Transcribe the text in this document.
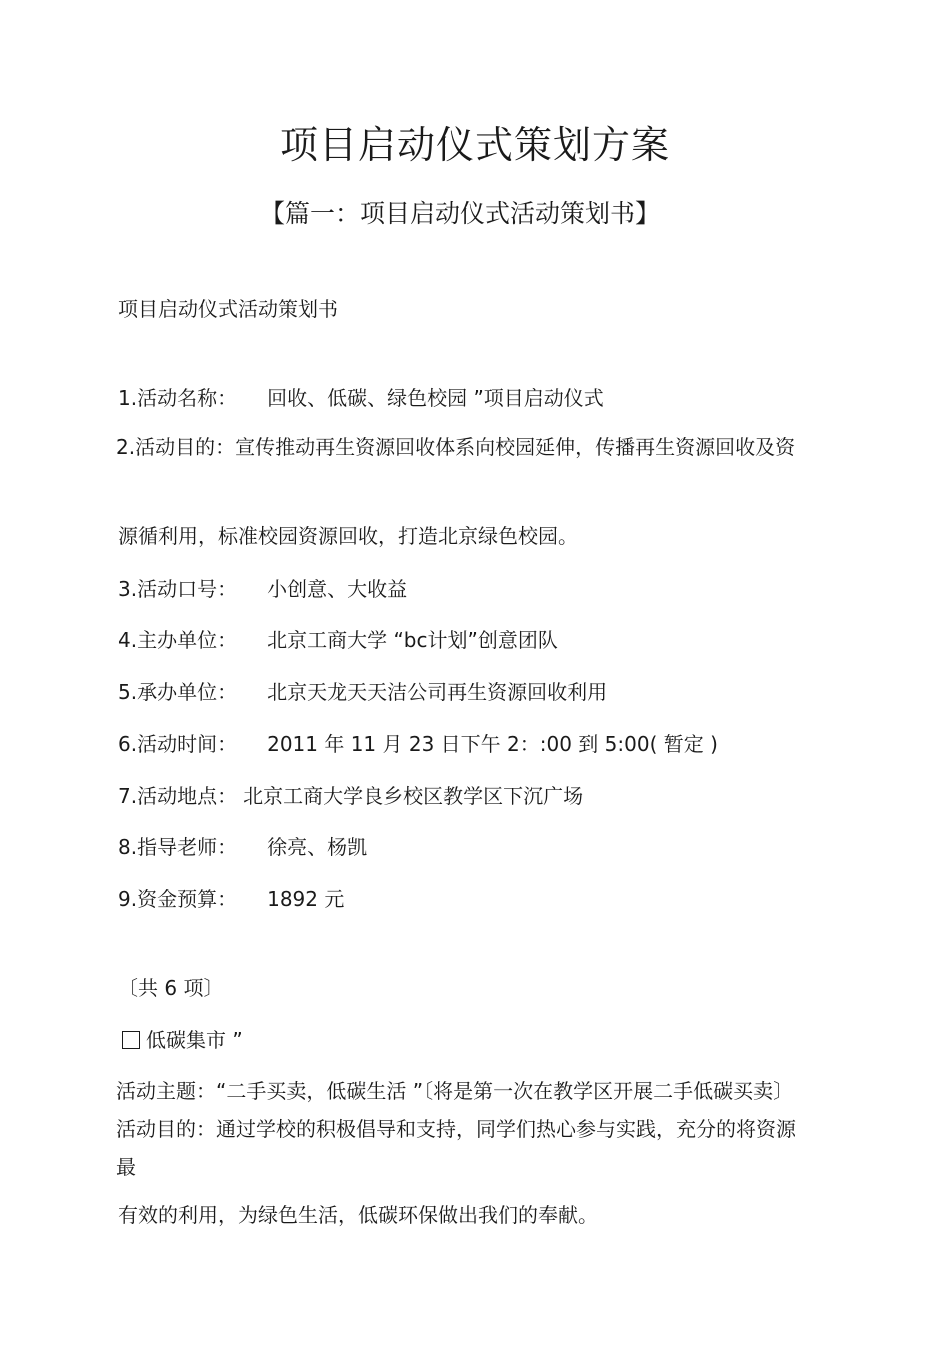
项目启动仪式策划方案
【篇一：项目启动仪式活动策划书】
项目启动仪式活动策划书
1.活动名称： 回收、低碳、绿色校园 ”项目启动仪式
2.活动目的：宣传推动再生资源回收体系向校园延伸，传播再生资源回收及资
源循利用，标准校园资源回收，打造北京绿色校园。
3.活动口号： 小创意、大收益
4.主办单位： 北京工商大学 “bc计划”创意团队
5.承办单位： 北京天龙天天洁公司再生资源回收利用
6.活动时间： 2011 年 11 月 23 日下午 2：:00 到 5:00( 暂定 )
7.活动地点： 北京工商大学良乡校区教学区下沉广场
8.指导老师： 徐亮、杨凯
9.资金预算： 1892 元
〔共 6 项〕
低碳集市 ”
活动主题：“二手买卖，低碳生活 ”〔将是第一次在教学区开展二手低碳买卖〕 活动目的：通过学校的积极倡导和支持，同学们热心参与实践，充分的将资源最
有效的利用，为绿色生活，低碳环保做出我们的奉献。
